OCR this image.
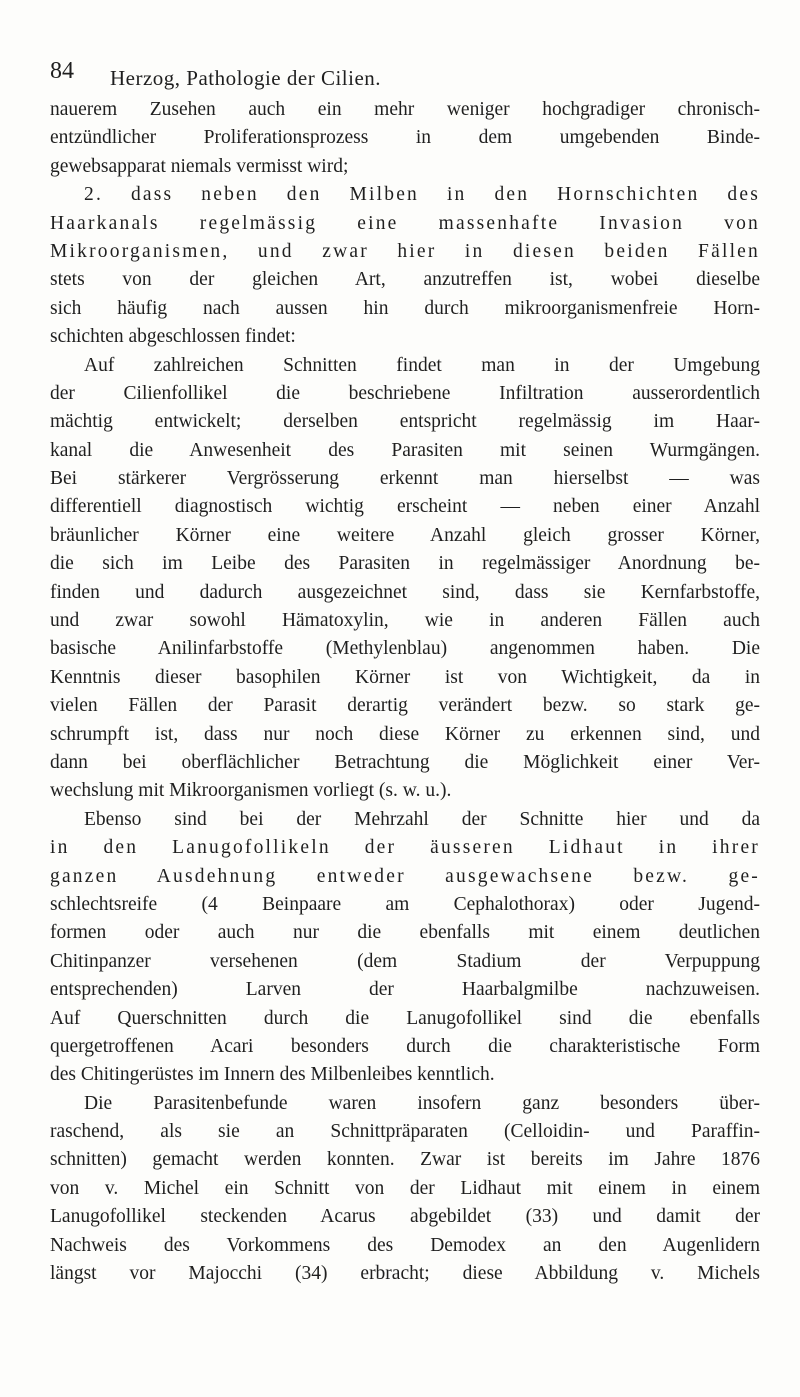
84 Herzog, Pathologie der Cilien.
nauerem Zusehen auch ein mehr weniger hochgradiger chronisch-
entzündlicher Proliferationsprozess in dem umgebenden Binde-
gewebsapparat niemals vermisst wird;
2. dass neben den Milben in den Hornschichten des
Haarkanals regelmässig eine massenhafte Invasion von
Mikroorganismen, und zwar hier in diesen beiden Fällen
stets von der gleichen Art, anzutreffen ist, wobei dieselbe
sich häufig nach aussen hin durch mikroorganismenfreie Horn-
schichten abgeschlossen findet:
Auf zahlreichen Schnitten findet man in der Umgebung
der Cilienfollikel die beschriebene Infiltration ausserordentlich
mächtig entwickelt; derselben entspricht regelmässig im Haar-
kanal die Anwesenheit des Parasiten mit seinen Wurmgängen.
Bei stärkerer Vergrösserung erkennt man hierselbst — was
differentiell diagnostisch wichtig erscheint — neben einer Anzahl
bräunlicher Körner eine weitere Anzahl gleich grosser Körner,
die sich im Leibe des Parasiten in regelmässiger Anordnung be-
finden und dadurch ausgezeichnet sind, dass sie Kernfarbstoffe,
und zwar sowohl Hämatoxylin, wie in anderen Fällen auch
basische Anilinfarbstoffe (Methylenblau) angenommen haben. Die
Kenntnis dieser basophilen Körner ist von Wichtigkeit, da in
vielen Fällen der Parasit derartig verändert bezw. so stark ge-
schrumpft ist, dass nur noch diese Körner zu erkennen sind, und
dann bei oberflächlicher Betrachtung die Möglichkeit einer Ver-
wechslung mit Mikroorganismen vorliegt (s. w. u.).
Ebenso sind bei der Mehrzahl der Schnitte hier und da
in den Lanugofollikeln der äusseren Lidhaut in ihrer
ganzen Ausdehnung entweder ausgewachsene bezw. ge-
schlechtsreife (4 Beinpaare am Cephalothorax) oder Jugend-
formen oder auch nur die ebenfalls mit einem deutlichen
Chitinpanzer versehenen (dem Stadium der Verpuppung
entsprechenden) Larven der Haarbalgmilbe nachzuweisen.
Auf Querschnitten durch die Lanugofollikel sind die ebenfalls
quergetroffenen Acari besonders durch die charakteristische Form
des Chitingerüstes im Innern des Milbenleibes kenntlich.
Die Parasitenbefunde waren insofern ganz besonders über-
raschend, als sie an Schnittpräparaten (Celloidin- und Paraffin-
schnitten) gemacht werden konnten. Zwar ist bereits im Jahre 1876
von v. Michel ein Schnitt von der Lidhaut mit einem in einem
Lanugofollikel steckenden Acarus abgebildet (33) und damit der
Nachweis des Vorkommens des Demodex an den Augenlidern
längst vor Majocchi (34) erbracht; diese Abbildung v. Michels
